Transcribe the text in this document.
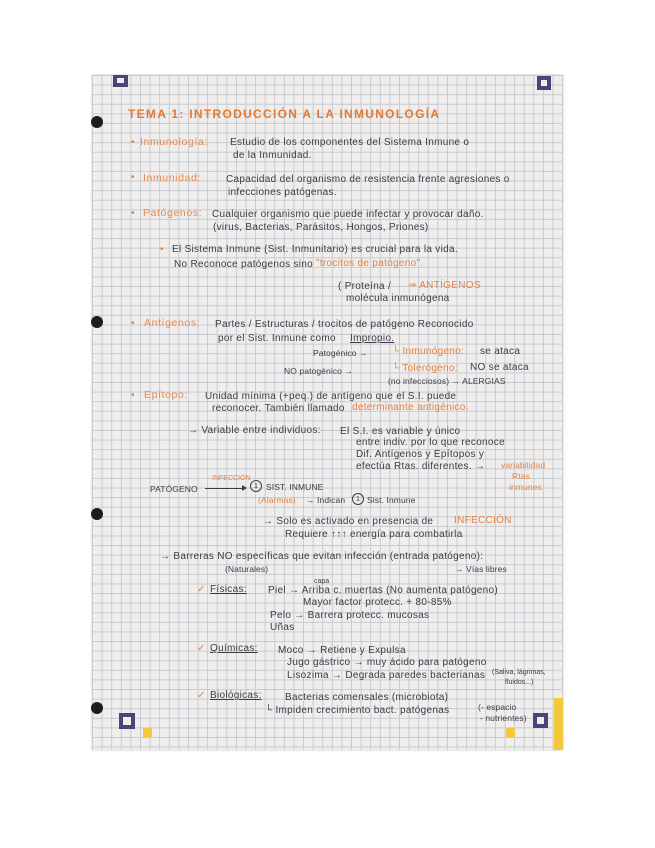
TEMA 1: INTRODUCCIÓN A LA INMUNOLOGÍA
• Inmunología: Estudio de los componentes del Sistema Inmune o
de la Inmunidad.
• Inmunidad:	Capacidad del organismo de resistencia frente agresiones o
infecciones patógenas.
• Patógenos: Cualquier organismo que puede infectar y provocar daño.
(virus, Bacterias, Parásitos, Hongos, Priones)
• El Sistema Inmune (Sist. Inmunitario) es crucial para la vida.
No Reconoce patógenos sino "trocitos de patógeno".
( Proteína / ⇒ ANTÍGENOS
molécula inmunógena
• Antígenos: Partes / Estructuras / trocitos de patógeno Reconocido
por el Sist. Inmune como Impropio.
Patogénico → └ Inmunógeno: se ataca
NO patogénico →	└ Tolerógeno: NO se ataca
(no infecciosos) → ALERGIAS
• Epítopo: Unidad mínima (+peq.) de antígeno que el S.I. puede
reconocer. También llamado determinante antigénico.
→ Variable entre individuos: El S.I. es variable y único
entre indiv. por lo que reconoce
Dif. Antígenos y Epítopos y
efectúa Rtas. diferentes. → variabilidad
Rtas
inmunes
PATÓGENO
INFECCIÓN
1 SIST. INMUNE
(Alarmas) → Indican	1 Sist. Inmune
→ Solo es activado en presencia de INFECCIÓN
Requiere ↑↑↑ energía para combatirla
→ Barreras NO específicas que evitan infección (entrada patógeno):
(Naturales)	→ Vías libres
capa
✓ Físicas: Piel → Arriba c. muertas (No aumenta patógeno)
Mayor factor protecc. + 80-85%
Pelo → Barrera protecc. mucosas
Uñas
✓ Químicas: Moco → Retiene y Expulsa
Jugo gástrico → muy ácido para patógeno
Lisozima → Degrada paredes bacterianas (Saliva, lágrimas,
fluidos...)
✓ Biológicas: Bacterias comensales (microbiota)
└ Impiden crecimiento bact. patógenas	(- espacio
- nutrientes)
